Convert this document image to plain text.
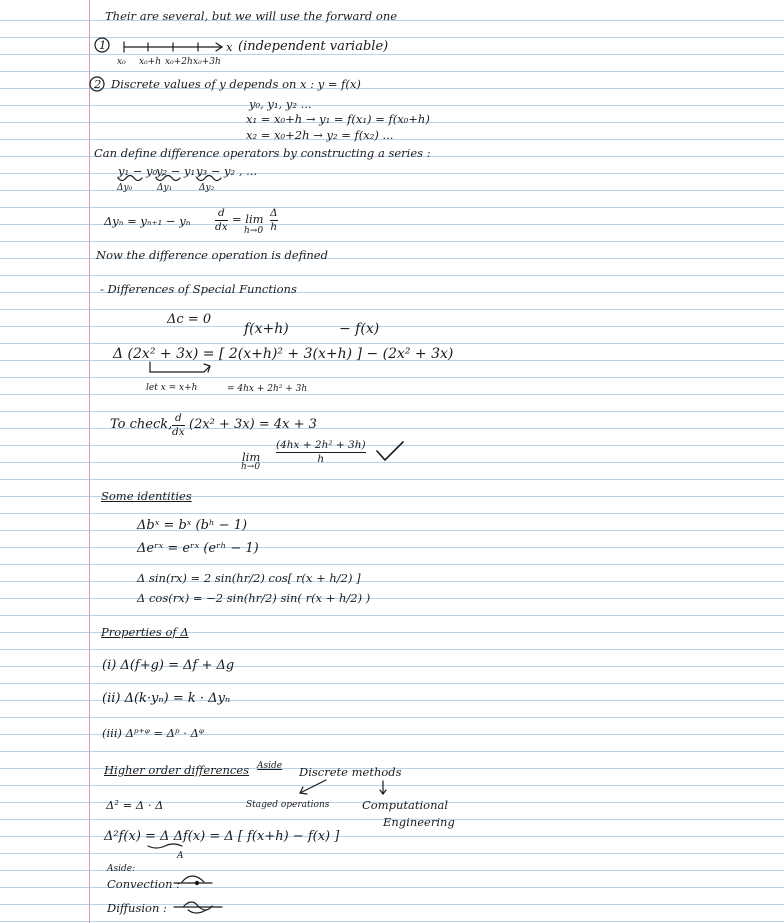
Their are several, but we will use the forward one
1	x (independent variable)
x₀ x₀+h x₀+2h x₀+3h
2 Discrete values of y depends on x : y = f(x)
y₀, y₁, y₂ ...
x₁ = x₀+h → y₁ = f(x₁) = f(x₀+h)
x₂ = x₀+2h → y₂ = f(x₂) ...
Can define difference operators by constructing a series :
y₁ − y₀ ,
y₂ − y₁ ,
y₃ − y₂ , ...
Δy₀	Δy₁	Δy₂
Δyₙ = yₙ₊₁ − yₙ
d
dx
= lim
h→0
Δ
h
Now the difference operation is defined
- Differences of Special Functions
Δc = 0
f(x+h)	− f(x)
Δ (2x² + 3x) = [ 2(x+h)² + 3(x+h) ] − (2x² + 3x)
let x = x+h	= 4hx + 2h² + 3h
To check, d
dx (2x² + 3x) = 4x + 3
lim
h→0
(4hx + 2h² + 3h)
h
Some identities
Δbˣ = bˣ (bʰ − 1)
Δeʳˣ = eʳˣ (eʳʰ − 1)
Δ sin(rx) = 2 sin(hr/2) cos[ r(x + h/2) ]
Δ cos(rx) = −2 sin(hr/2) sin( r(x + h/2) )
Properties of Δ
(i) Δ(f+g) = Δf + Δg
(ii) Δ(k·yₙ) = k · Δyₙ
(iii) Δᵖ⁺ᵠ = Δᵖ · Δᵠ
Higher order differences Aside Discrete methods
Δ² = Δ · Δ	Staged operations	Computational
Engineering
Δ²f(x) = Δ Δf(x) = Δ [ f(x+h) − f(x) ]
A
Aside:
Convection :
Diffusion :
